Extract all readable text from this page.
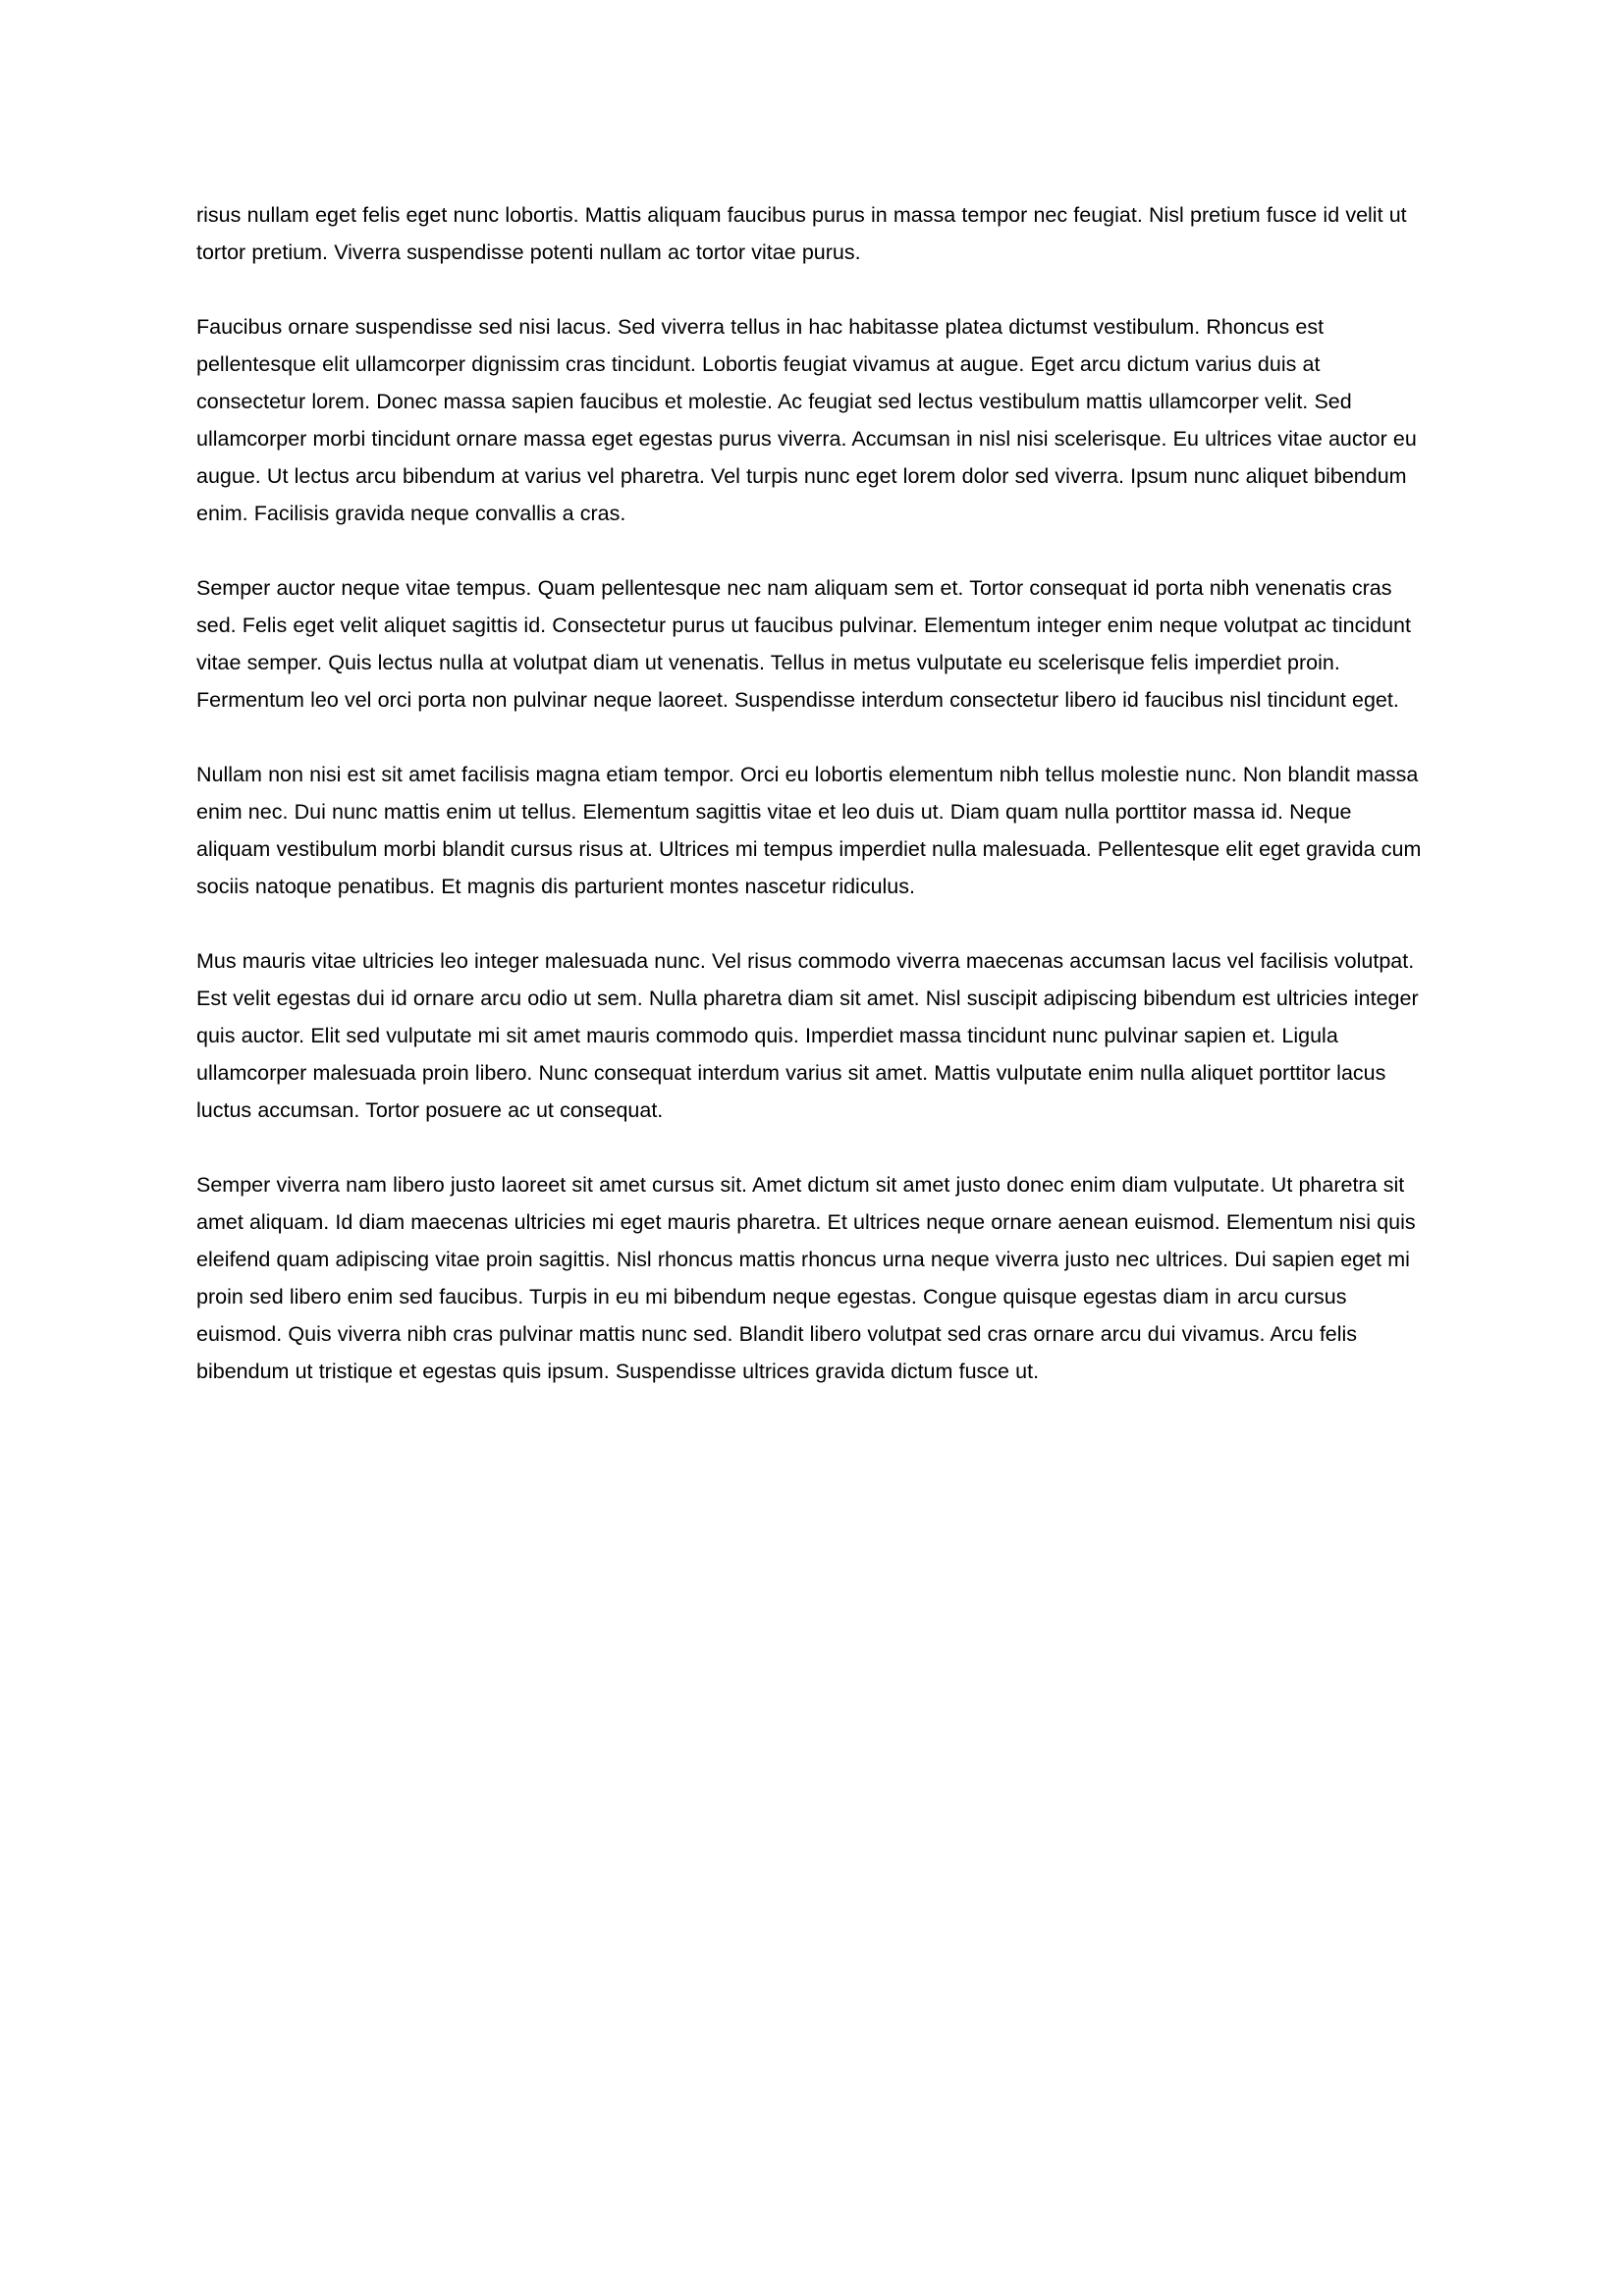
risus nullam eget felis eget nunc lobortis. Mattis aliquam faucibus purus in massa tempor nec feugiat. Nisl pretium fusce id velit ut tortor pretium. Viverra suspendisse potenti nullam ac tortor vitae purus.

Faucibus ornare suspendisse sed nisi lacus. Sed viverra tellus in hac habitasse platea dictumst vestibulum. Rhoncus est pellentesque elit ullamcorper dignissim cras tincidunt. Lobortis feugiat vivamus at augue. Eget arcu dictum varius duis at consectetur lorem. Donec massa sapien faucibus et molestie. Ac feugiat sed lectus vestibulum mattis ullamcorper velit. Sed ullamcorper morbi tincidunt ornare massa eget egestas purus viverra. Accumsan in nisl nisi scelerisque. Eu ultrices vitae auctor eu augue. Ut lectus arcu bibendum at varius vel pharetra. Vel turpis nunc eget lorem dolor sed viverra. Ipsum nunc aliquet bibendum enim. Facilisis gravida neque convallis a cras.

Semper auctor neque vitae tempus. Quam pellentesque nec nam aliquam sem et. Tortor consequat id porta nibh venenatis cras sed. Felis eget velit aliquet sagittis id. Consectetur purus ut faucibus pulvinar. Elementum integer enim neque volutpat ac tincidunt vitae semper. Quis lectus nulla at volutpat diam ut venenatis. Tellus in metus vulputate eu scelerisque felis imperdiet proin. Fermentum leo vel orci porta non pulvinar neque laoreet. Suspendisse interdum consectetur libero id faucibus nisl tincidunt eget.

Nullam non nisi est sit amet facilisis magna etiam tempor. Orci eu lobortis elementum nibh tellus molestie nunc. Non blandit massa enim nec. Dui nunc mattis enim ut tellus. Elementum sagittis vitae et leo duis ut. Diam quam nulla porttitor massa id. Neque aliquam vestibulum morbi blandit cursus risus at. Ultrices mi tempus imperdiet nulla malesuada. Pellentesque elit eget gravida cum sociis natoque penatibus. Et magnis dis parturient montes nascetur ridiculus.

Mus mauris vitae ultricies leo integer malesuada nunc. Vel risus commodo viverra maecenas accumsan lacus vel facilisis volutpat. Est velit egestas dui id ornare arcu odio ut sem. Nulla pharetra diam sit amet. Nisl suscipit adipiscing bibendum est ultricies integer quis auctor. Elit sed vulputate mi sit amet mauris commodo quis. Imperdiet massa tincidunt nunc pulvinar sapien et. Ligula ullamcorper malesuada proin libero. Nunc consequat interdum varius sit amet. Mattis vulputate enim nulla aliquet porttitor lacus luctus accumsan. Tortor posuere ac ut consequat.

Semper viverra nam libero justo laoreet sit amet cursus sit. Amet dictum sit amet justo donec enim diam vulputate. Ut pharetra sit amet aliquam. Id diam maecenas ultricies mi eget mauris pharetra. Et ultrices neque ornare aenean euismod. Elementum nisi quis eleifend quam adipiscing vitae proin sagittis. Nisl rhoncus mattis rhoncus urna neque viverra justo nec ultrices. Dui sapien eget mi proin sed libero enim sed faucibus. Turpis in eu mi bibendum neque egestas. Congue quisque egestas diam in arcu cursus euismod. Quis viverra nibh cras pulvinar mattis nunc sed. Blandit libero volutpat sed cras ornare arcu dui vivamus. Arcu felis bibendum ut tristique et egestas quis ipsum. Suspendisse ultrices gravida dictum fusce ut.
